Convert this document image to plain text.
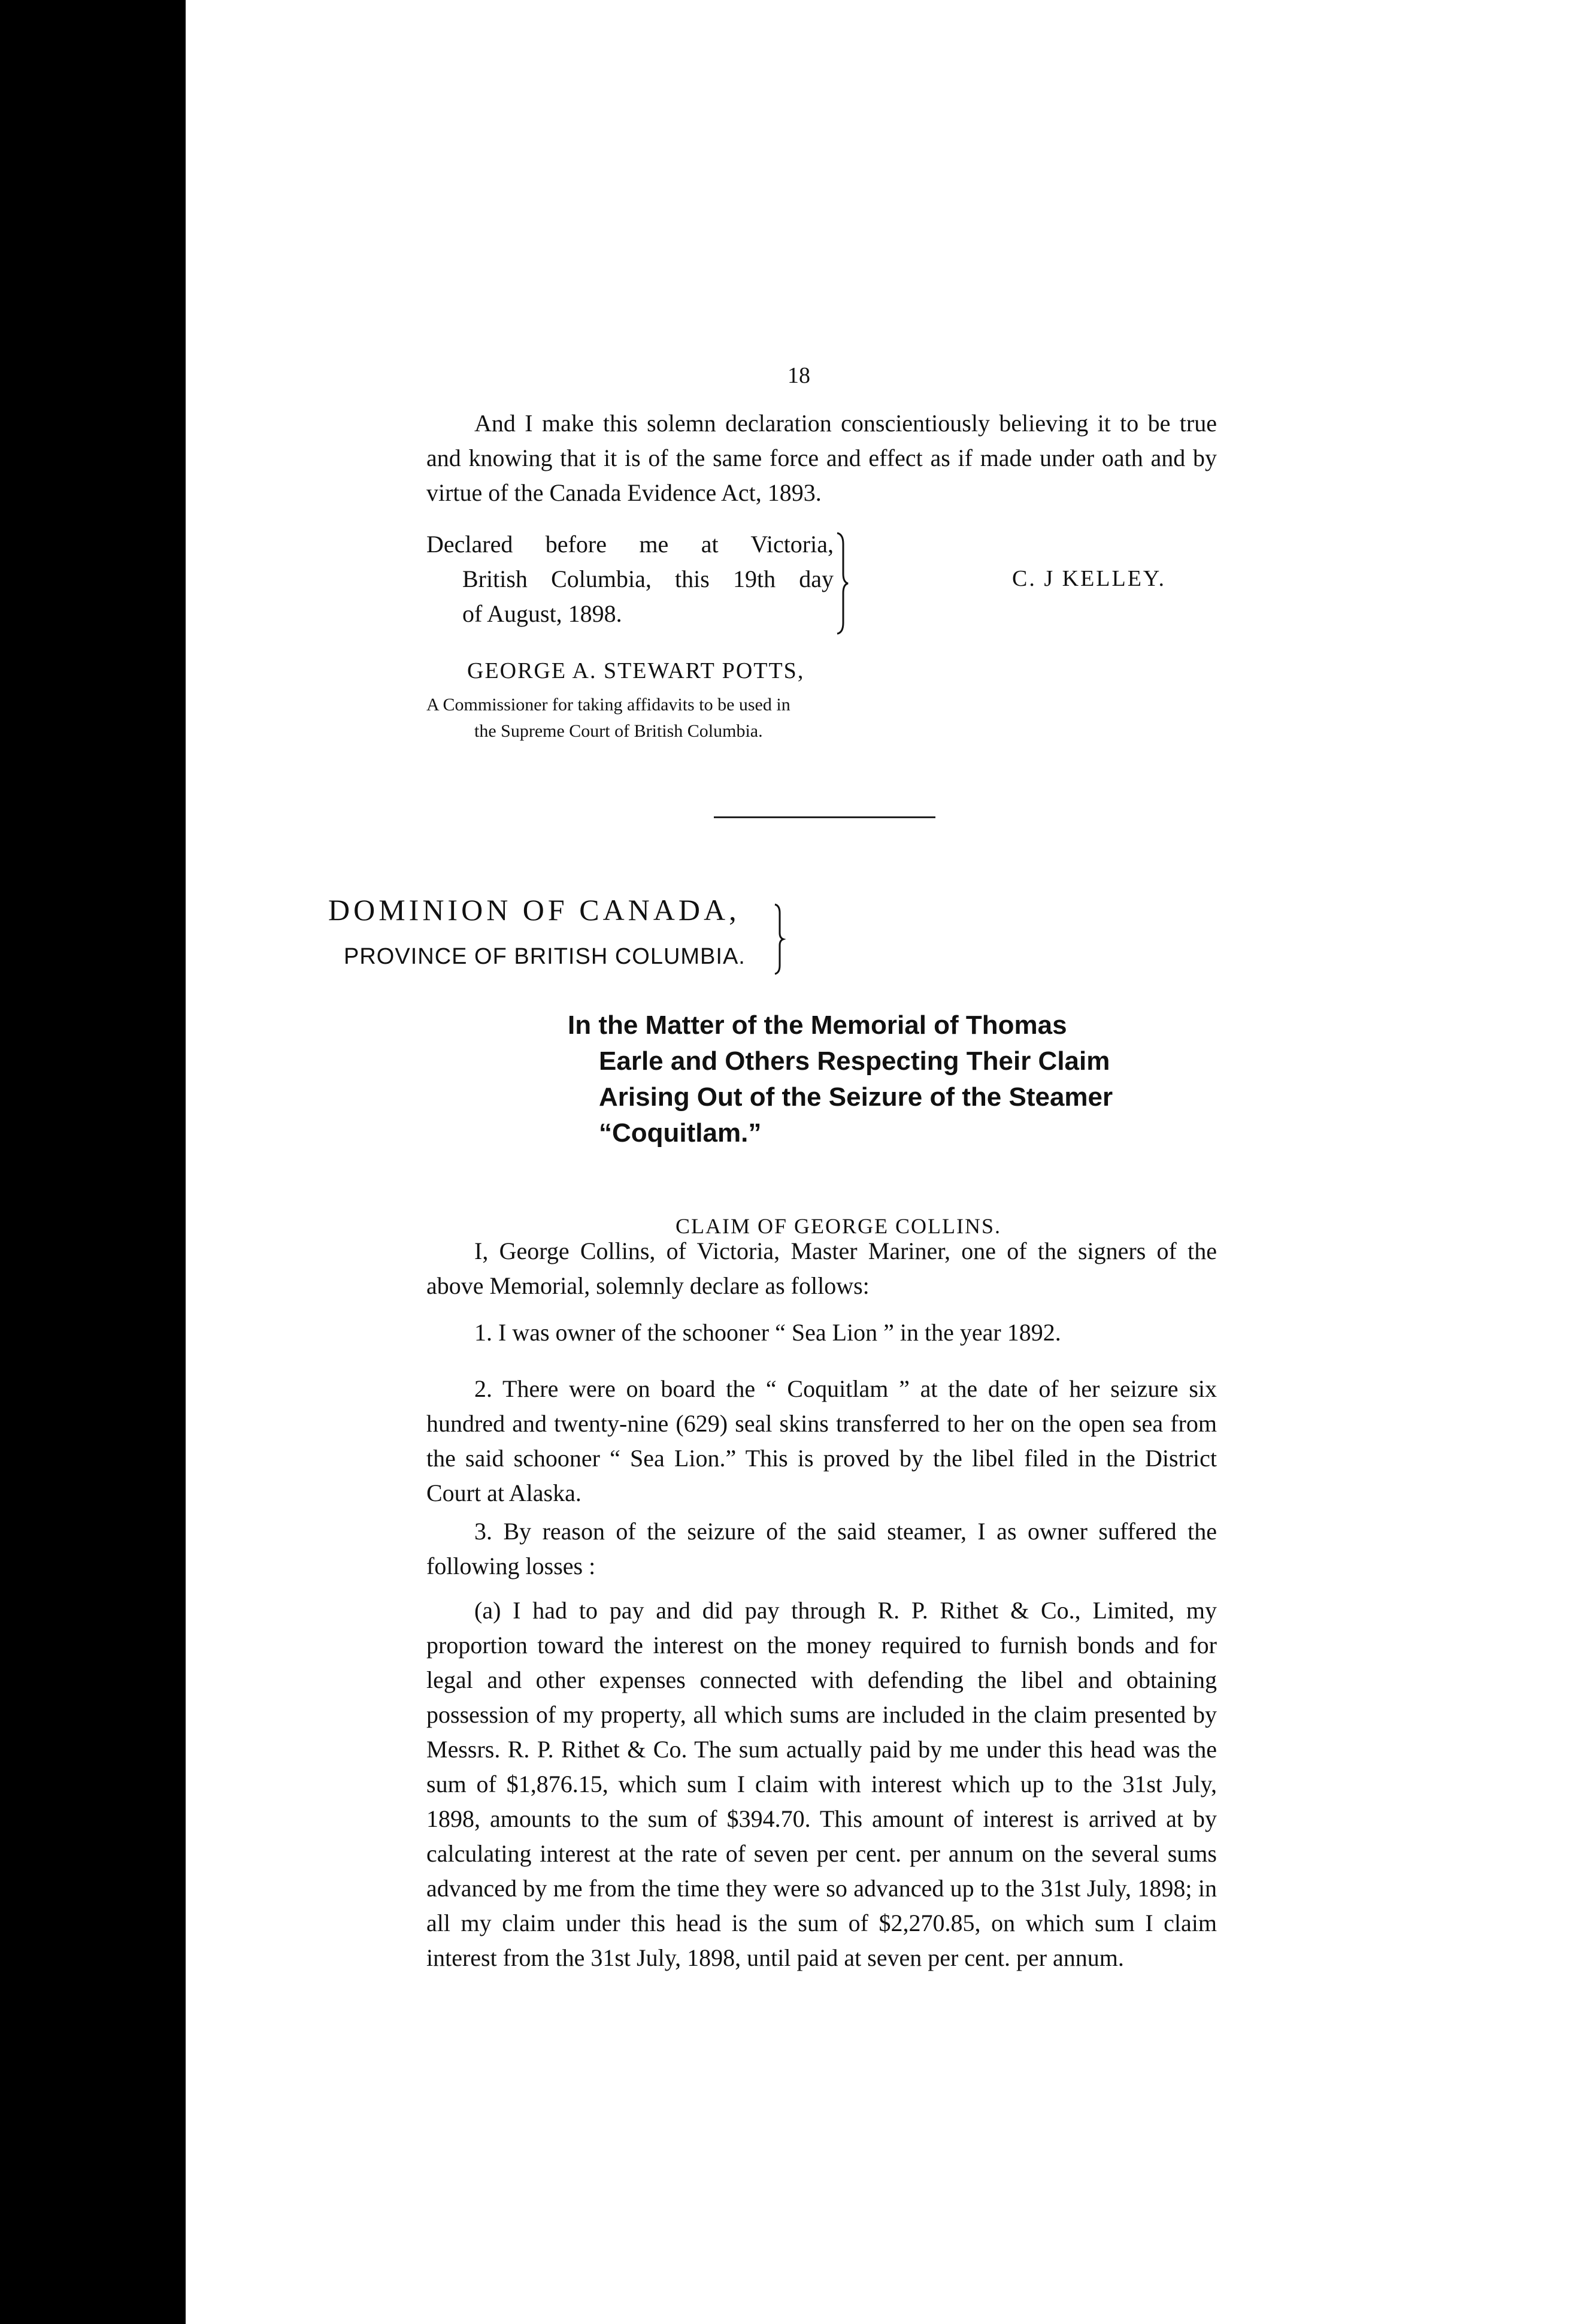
18
And I make this solemn declaration conscientiously believing it to be true and knowing that it is of the same force and effect as if made under oath and by virtue of the Canada Evidence Act, 1893.
Declared before me at Victoria,
British Columbia, this 19th day
of August, 1898.
C. J KELLEY.
GEORGE A. STEWART POTTS,
A Commissioner for taking affidavits to be used in
the Supreme Court of British Columbia.
DOMINION OF CANADA,
PROVINCE OF BRITISH COLUMBIA.
In the Matter of the Memorial of Thomas
Earle and Others Respecting Their Claim
Arising Out of the Seizure of the Steamer
“Coquitlam.”
CLAIM OF GEORGE COLLINS.
I, George Collins, of Victoria, Master Mariner, one of the signers of the above Memorial, solemnly declare as follows:
1. I was owner of the schooner “ Sea Lion ” in the year 1892.
2. There were on board the “ Coquitlam ” at the date of her seizure six hundred and twenty-nine (629) seal skins transferred to her on the open sea from the said schooner “ Sea Lion.” This is proved by the libel filed in the District Court at Alaska.
3. By reason of the seizure of the said steamer, I as owner suffered the following losses :
(a) I had to pay and did pay through R. P. Rithet & Co., Limited, my proportion toward the interest on the money required to furnish bonds and for legal and other expenses connected with defending the libel and obtaining possession of my property, all which sums are included in the claim presented by Messrs. R. P. Rithet & Co. The sum actually paid by me under this head was the sum of $1,876.15, which sum I claim with interest which up to the 31st July, 1898, amounts to the sum of $394.70. This amount of interest is arrived at by calculating interest at the rate of seven per cent. per annum on the several sums advanced by me from the time they were so advanced up to the 31st July, 1898; in all my claim under this head is the sum of $2,270.85, on which sum I claim interest from the 31st July, 1898, until paid at seven per cent. per annum.
